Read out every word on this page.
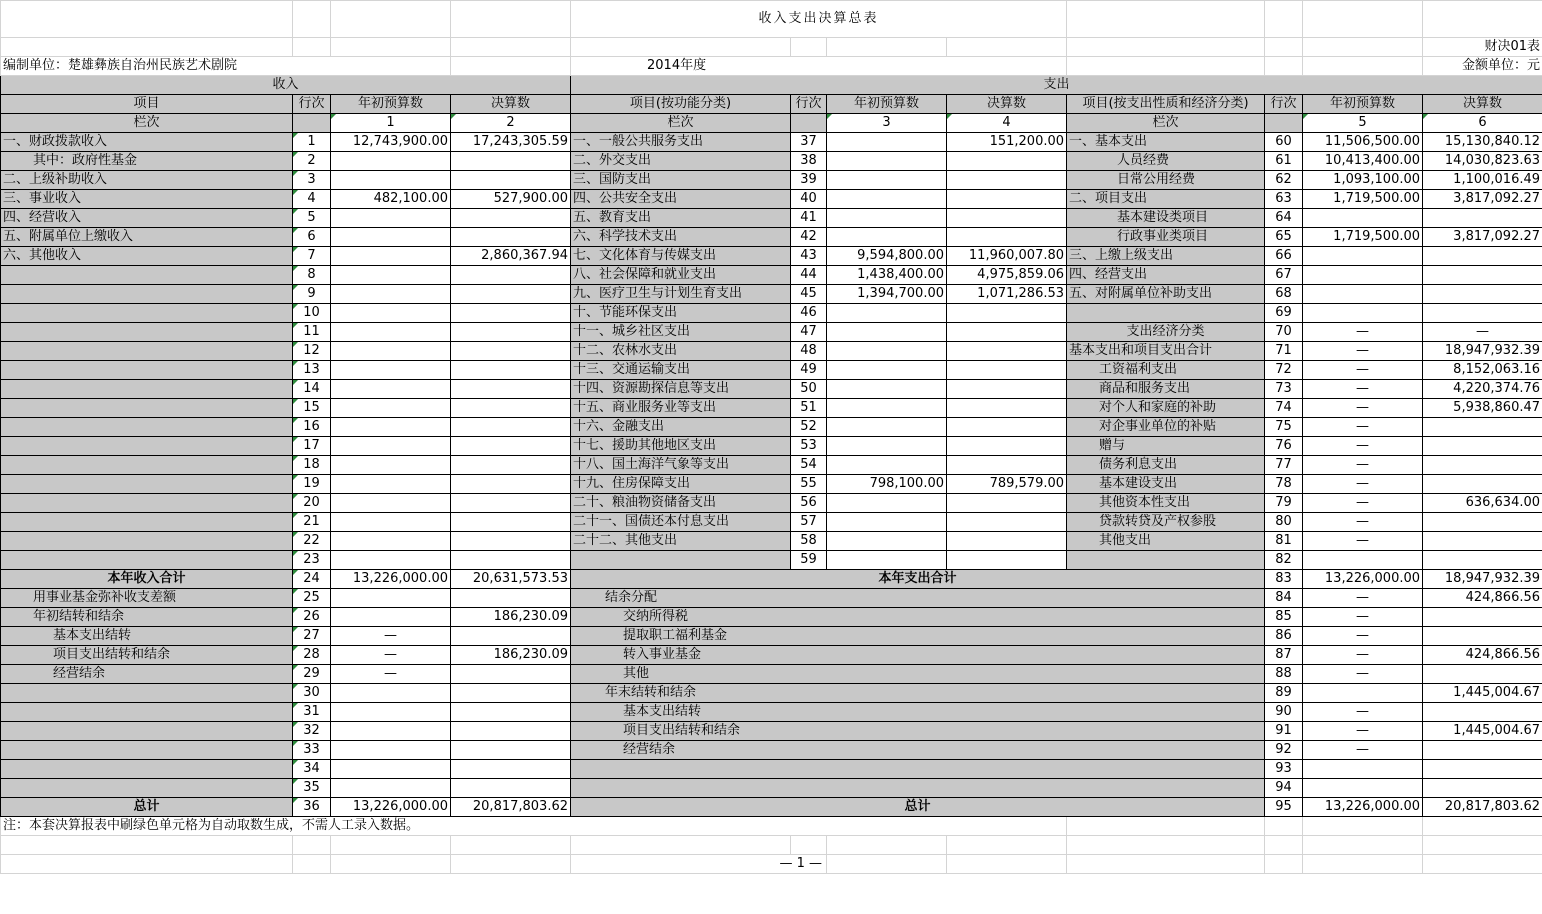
				收入支出决算总表							
											财决01表
编制单位：楚雄彝族自治州民族艺术剧院				2014年度							金额单位：元
收入				支出							
项目	行次	年初预算数	决算数	项目(按功能分类)	行次	年初预算数	决算数	项目(按支出性质和经济分类)	行次	年初预算数	决算数
栏次		1	2	栏次		3	4	栏次		5	6
一、财政拨款收入	1	12,743,900.00	17,243,305.59	一、一般公共服务支出	37		151,200.00	一、基本支出	60	11,506,500.00	15,130,840.12
其中：政府性基金	2			二、外交支出	38			人员经费	61	10,413,400.00	14,030,823.63
二、上级补助收入	3			三、国防支出	39			日常公用经费	62	1,093,100.00	1,100,016.49
三、事业收入	4	482,100.00	527,900.00	四、公共安全支出	40			二、项目支出	63	1,719,500.00	3,817,092.27
四、经营收入	5			五、教育支出	41			基本建设类项目	64		
五、附属单位上缴收入	6			六、科学技术支出	42			行政事业类项目	65	1,719,500.00	3,817,092.27
六、其他收入	7		2,860,367.94	七、文化体育与传媒支出	43	9,594,800.00	11,960,007.80	三、上缴上级支出	66		
	8			八、社会保障和就业支出	44	1,438,400.00	4,975,859.06	四、经营支出	67		
	9			九、医疗卫生与计划生育支出	45	1,394,700.00	1,071,286.53	五、对附属单位补助支出	68		
	10			十、节能环保支出	46				69		
	11			十一、城乡社区支出	47			支出经济分类	70	—	—
	12			十二、农林水支出	48			基本支出和项目支出合计	71	—	18,947,932.39
	13			十三、交通运输支出	49			工资福利支出	72	—	8,152,063.16
	14			十四、资源勘探信息等支出	50			商品和服务支出	73	—	4,220,374.76
	15			十五、商业服务业等支出	51			对个人和家庭的补助	74	—	5,938,860.47
	16			十六、金融支出	52			对企事业单位的补贴	75	—	
	17			十七、援助其他地区支出	53			赠与	76	—	
	18			十八、国土海洋气象等支出	54			债务利息支出	77	—	
	19			十九、住房保障支出	55	798,100.00	789,579.00	基本建设支出	78	—	
	20			二十、粮油物资储备支出	56			其他资本性支出	79	—	636,634.00
	21			二十一、国债还本付息支出	57			贷款转贷及产权参股	80	—	
	22			二十二、其他支出	58			其他支出	81	—	
	23				59				82		
本年收入合计	24	13,226,000.00	20,631,573.53	本年支出合计					83	13,226,000.00	18,947,932.39
用事业基金弥补收支差额	25			结余分配					84	—	424,866.56
年初结转和结余	26		186,230.09	交纳所得税					85	—	
基本支出结转	27	—		提取职工福利基金					86	—	
项目支出结转和结余	28	—	186,230.09	转入事业基金					87	—	424,866.56
经营结余	29	—		其他					88	—	
	30			年末结转和结余					89		1,445,004.67
	31			基本支出结转					90	—	
	32			项目支出结转和结余					91	—	1,445,004.67
	33			经营结余					92	—	
	34								93		
	35								94		
总计	36	13,226,000.00	20,817,803.62	总计					95	13,226,000.00	20,817,803.62
注：本套决算报表中刷绿色单元格为自动取数生成，不需人工录入数据。											

				— 1 —							
